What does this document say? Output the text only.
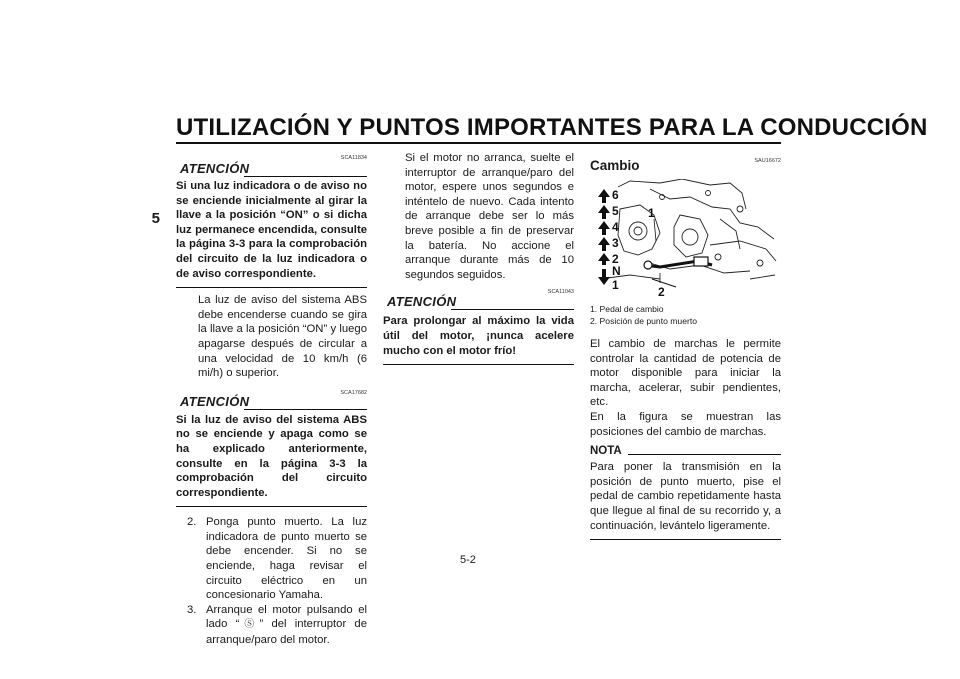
UTILIZACIÓN Y PUNTOS IMPORTANTES PARA LA CONDUCCIÓN
5
SCA11834
ATENCIÓN

Si una luz indicadora o de aviso no se enciende inicialmente al girar la llave a la posición “ON” o si dicha luz permanece encendida, consulte la página 3-3 para la comprobación del circuito de la luz indicadora o de aviso correspondiente.

La luz de aviso del sistema ABS debe encenderse cuando se gira la llave a la posición “ON” y luego apagarse después de circular a una velocidad de 10 km/h (6 mi/h) o superior.

SCA17682
ATENCIÓN

Si la luz de aviso del sistema ABS no se enciende y apaga como se ha explicado anteriormente, consulte en la página 3-3 la comprobación del circuito correspondiente.

2. Ponga punto muerto. La luz indicadora de punto muerto se debe encender. Si no se enciende, haga revisar el circuito eléctrico en un concesionario Yamaha.
3. Arranque el motor pulsando el lado “Ⓢ” del interruptor de arranque/paro del motor.

Si el motor no arranca, suelte el interruptor de arranque/paro del motor, espere unos segundos e inténtelo de nuevo. Cada intento de arranque debe ser lo más breve posible a fin de preservar la batería. No accione el arranque durante más de 10 segundos seguidos.

SCA11043
ATENCIÓN

Para prolongar al máximo la vida útil del motor, ¡nunca acelere mucho con el motor frío!

SAU16672
Cambio
6
5
4
3
2
N
1
1
2

1. Pedal de cambio

2. Posición de punto muerto

El cambio de marchas le permite controlar la cantidad de potencia de motor disponible para iniciar la marcha, acelerar, subir pendientes, etc.

En la figura se muestran las posiciones del cambio de marchas.

NOTA

Para poner la transmisión en la posición de punto muerto, pise el pedal de cambio repetidamente hasta que llegue al final de su recorrido y, a continuación, levántelo ligeramente.

5-2
